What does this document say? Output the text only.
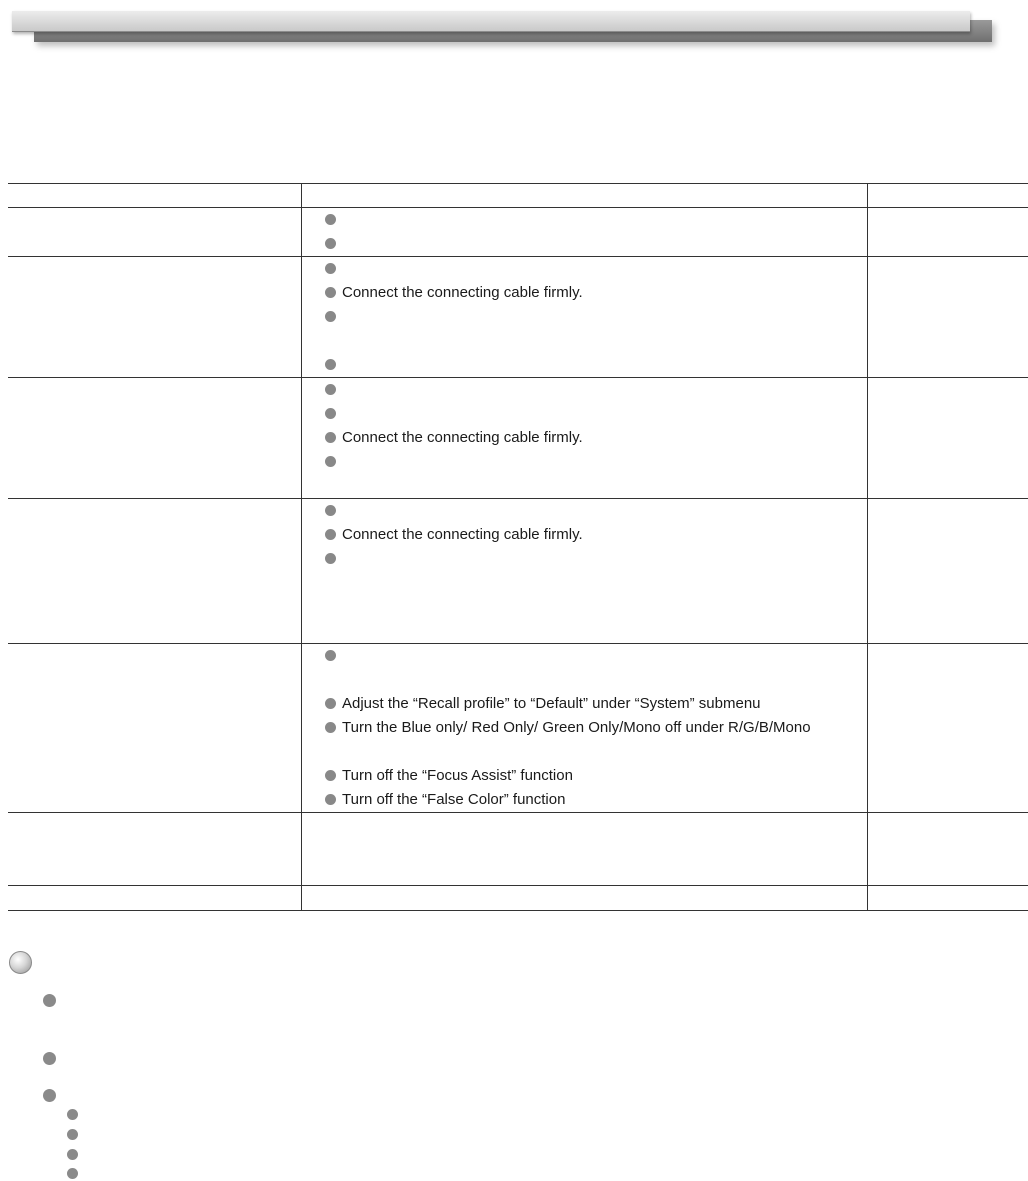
Connect the connecting cable firmly.	

Connect the connecting cable firmly.	

Connect the connecting cable firmly.	

Adjust the “Recall profile” to “Default” under “System” submenu
Turn the Blue only/ Red Only/ Green Only/Mono off under R/G/B/Mono
Turn off the “Focus Assist” function
Turn off the “False Color” function	
